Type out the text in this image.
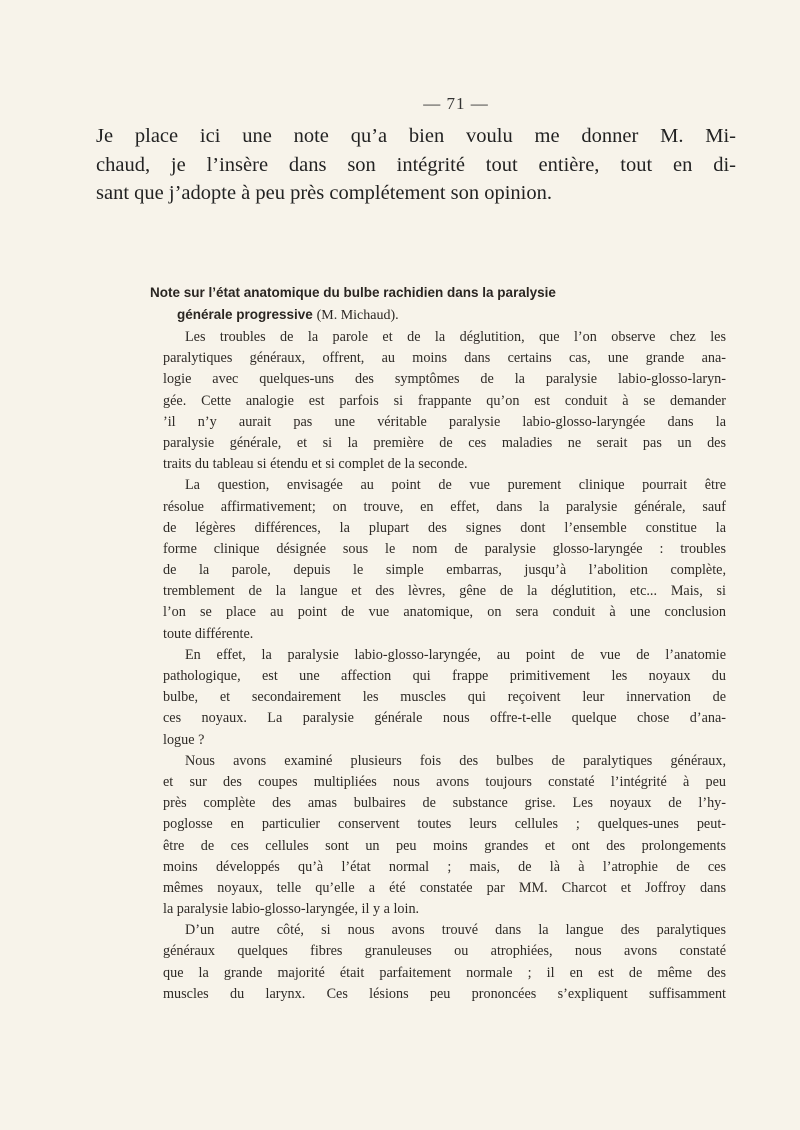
— 71 —
Je place ici une note qu’a bien voulu me donner M. Mi-
chaud, je l’insère dans son intégrité tout entière, tout en di-
sant que j’adopte à peu près complétement son opinion.
Note sur l’état anatomique du bulbe rachidien dans la paralysie
générale progressive (M. Michaud).
Les troubles de la parole et de la déglutition, que l’on observe chez les
paralytiques généraux, offrent, au moins dans certains cas, une grande ana-
logie avec quelques-uns des symptômes de la paralysie labio-glosso-laryn-
gée. Cette analogie est parfois si frappante qu’on est conduit à se demander
’il n’y aurait pas une véritable paralysie labio-glosso-laryngée dans la
paralysie générale, et si la première de ces maladies ne serait pas un des
traits du tableau si étendu et si complet de la seconde.
La question, envisagée au point de vue purement clinique pourrait être
résolue affirmativement; on trouve, en effet, dans la paralysie générale, sauf
de légères différences, la plupart des signes dont l’ensemble constitue la
forme clinique désignée sous le nom de paralysie glosso-laryngée : troubles
de la parole, depuis le simple embarras, jusqu’à l’abolition complète,
tremblement de la langue et des lèvres, gêne de la déglutition, etc... Mais, si
l’on se place au point de vue anatomique, on sera conduit à une conclusion
toute différente.
En effet, la paralysie labio-glosso-laryngée, au point de vue de l’anatomie
pathologique, est une affection qui frappe primitivement les noyaux du
bulbe, et secondairement les muscles qui reçoivent leur innervation de
ces noyaux. La paralysie générale nous offre-t-elle quelque chose d’ana-
logue ?
Nous avons examiné plusieurs fois des bulbes de paralytiques généraux,
et sur des coupes multipliées nous avons toujours constaté l’intégrité à peu
près complète des amas bulbaires de substance grise. Les noyaux de l’hy-
poglosse en particulier conservent toutes leurs cellules ; quelques-unes peut-
être de ces cellules sont un peu moins grandes et ont des prolongements
moins développés qu’à l’état normal ; mais, de là à l’atrophie de ces
mêmes noyaux, telle qu’elle a été constatée par MM. Charcot et Joffroy dans
la paralysie labio-glosso-laryngée, il y a loin.
D’un autre côté, si nous avons trouvé dans la langue des paralytiques
généraux quelques fibres granuleuses ou atrophiées, nous avons constaté
que la grande majorité était parfaitement normale ; il en est de même des
muscles du larynx. Ces lésions peu prononcées s’expliquent suffisamment
